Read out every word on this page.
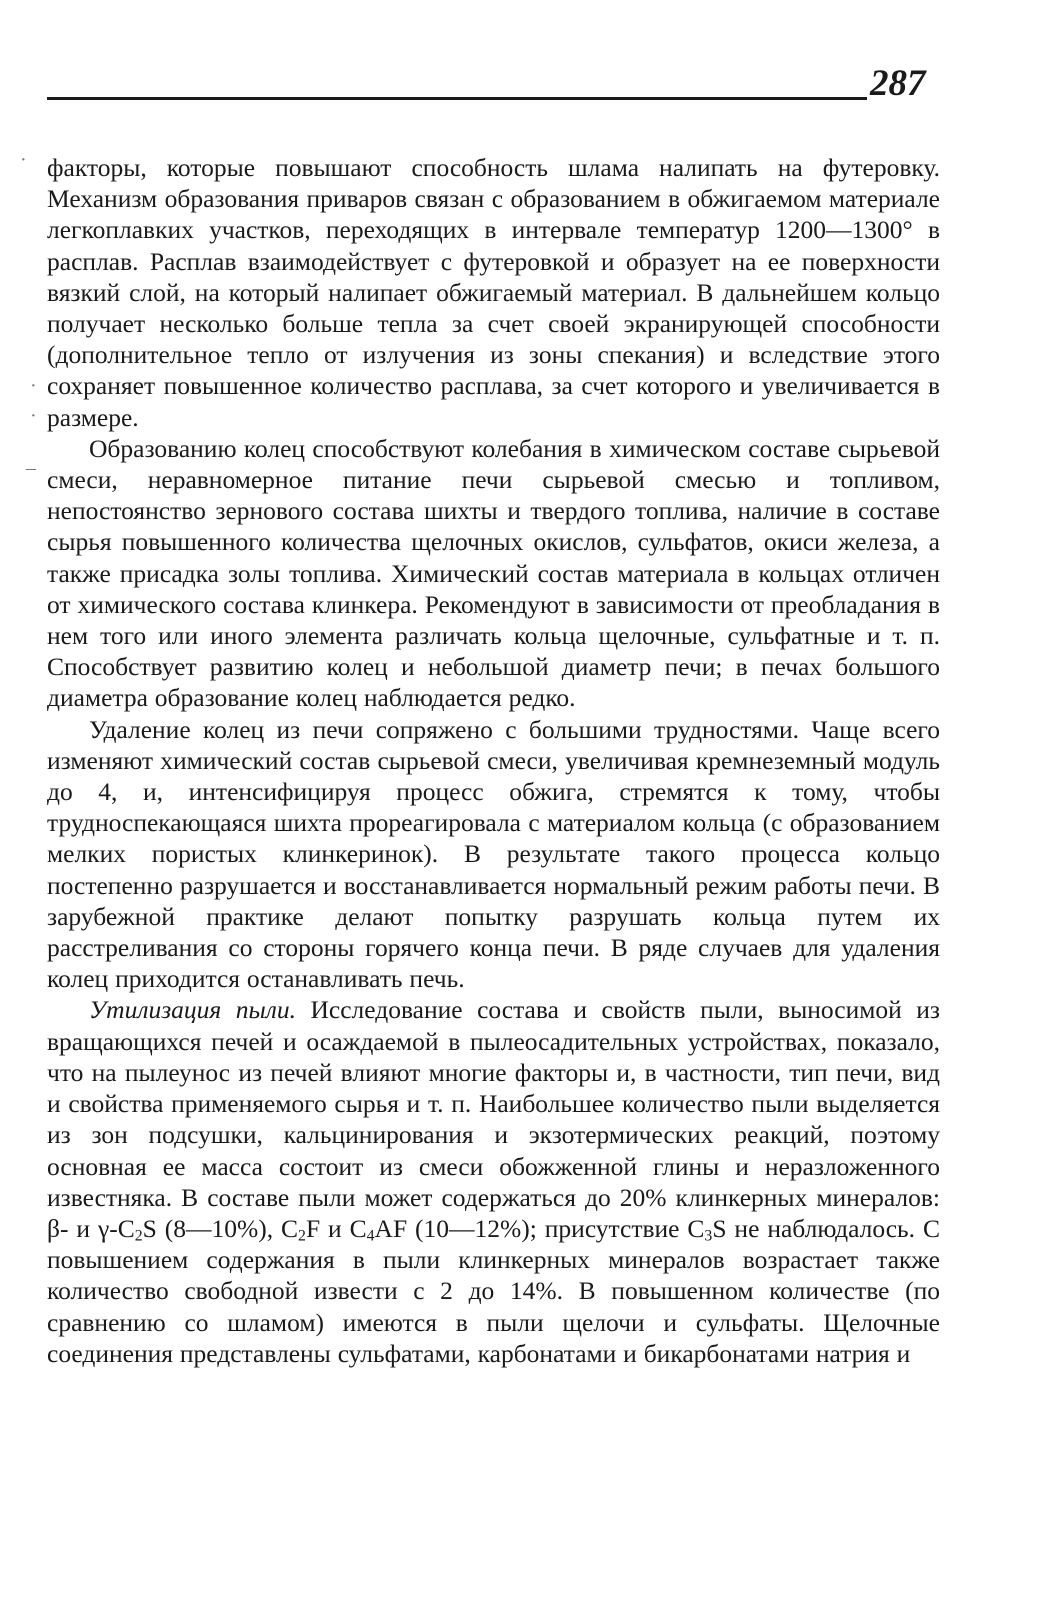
287
·
·
·
–

факторы, которые повышают способность шлама налипать на футеровку. Механизм образования приваров связан с образованием в обжигаемом материале легкоплавких участков, переходящих в интервале температур 1200—1300° в расплав. Расплав взаимодействует с футеровкой и образует на ее поверхности вязкий слой, на который налипает обжигаемый материал. В дальнейшем кольцо получает несколько больше тепла за счет своей экранирующей способности (дополнительное тепло от излучения из зоны спекания) и вследствие этого сохраняет повышенное количество расплава, за счет которого и увеличивается в размере.

Образованию колец способствуют колебания в химическом составе сырьевой смеси, неравномерное питание печи сырьевой смесью и топливом, непостоянство зернового состава шихты и твердого топлива, наличие в составе сырья повышенного количества щелочных окислов, сульфатов, окиси железа, а также присадка золы топлива. Химический состав материала в кольцах отличен от химического состава клинкера. Рекомендуют в зависимости от преобладания в нем того или иного элемента различать кольца щелочные, сульфатные и т. п. Способствует развитию колец и небольшой диаметр печи; в печах большого диаметра образование колец наблюдается редко.

Удаление колец из печи сопряжено с большими трудностями. Чаще всего изменяют химический состав сырьевой смеси, увеличивая кремнеземный модуль до 4, и, интенсифицируя процесс обжига, стремятся к тому, чтобы трудноспекающаяся шихта прореагировала с материалом кольца (с образованием мелких пористых клинкеринок). В результате такого процесса кольцо постепенно разрушается и восстанавливается нормальный режим работы печи. В зарубежной практике делают попытку разрушать кольца путем их расстреливания со стороны горячего конца печи. В ряде случаев для удаления колец приходится останавливать печь.

Утилизация пыли. Исследование состава и свойств пыли, выносимой из вращающихся печей и осаждаемой в пылеосадительных устройствах, показало, что на пылеунос из печей влияют многие факторы и, в частности, тип печи, вид и свойства применяемого сырья и т. п. Наибольшее количество пыли выделяется из зон подсушки, кальцинирования и экзотермических реакций, поэтому основная ее масса состоит из смеси обожженной глины и неразложенного известняка. В составе пыли может содержаться до 20% клинкерных минералов: β- и $\gamma-C_2S$ (8—10%), $C_2F$ и $C_4AF$ (10—12%); присутствие $C_3S$ не наблюдалось. С повышением содержания в пыли клинкерных минералов возрастает также количество свободной извести с 2 до 14%. В повышенном количестве (по сравнению со шламом) имеются в пыли щелочи и сульфаты. Щелочные соединения представлены сульфатами, карбонатами и бикарбонатами натрия и
